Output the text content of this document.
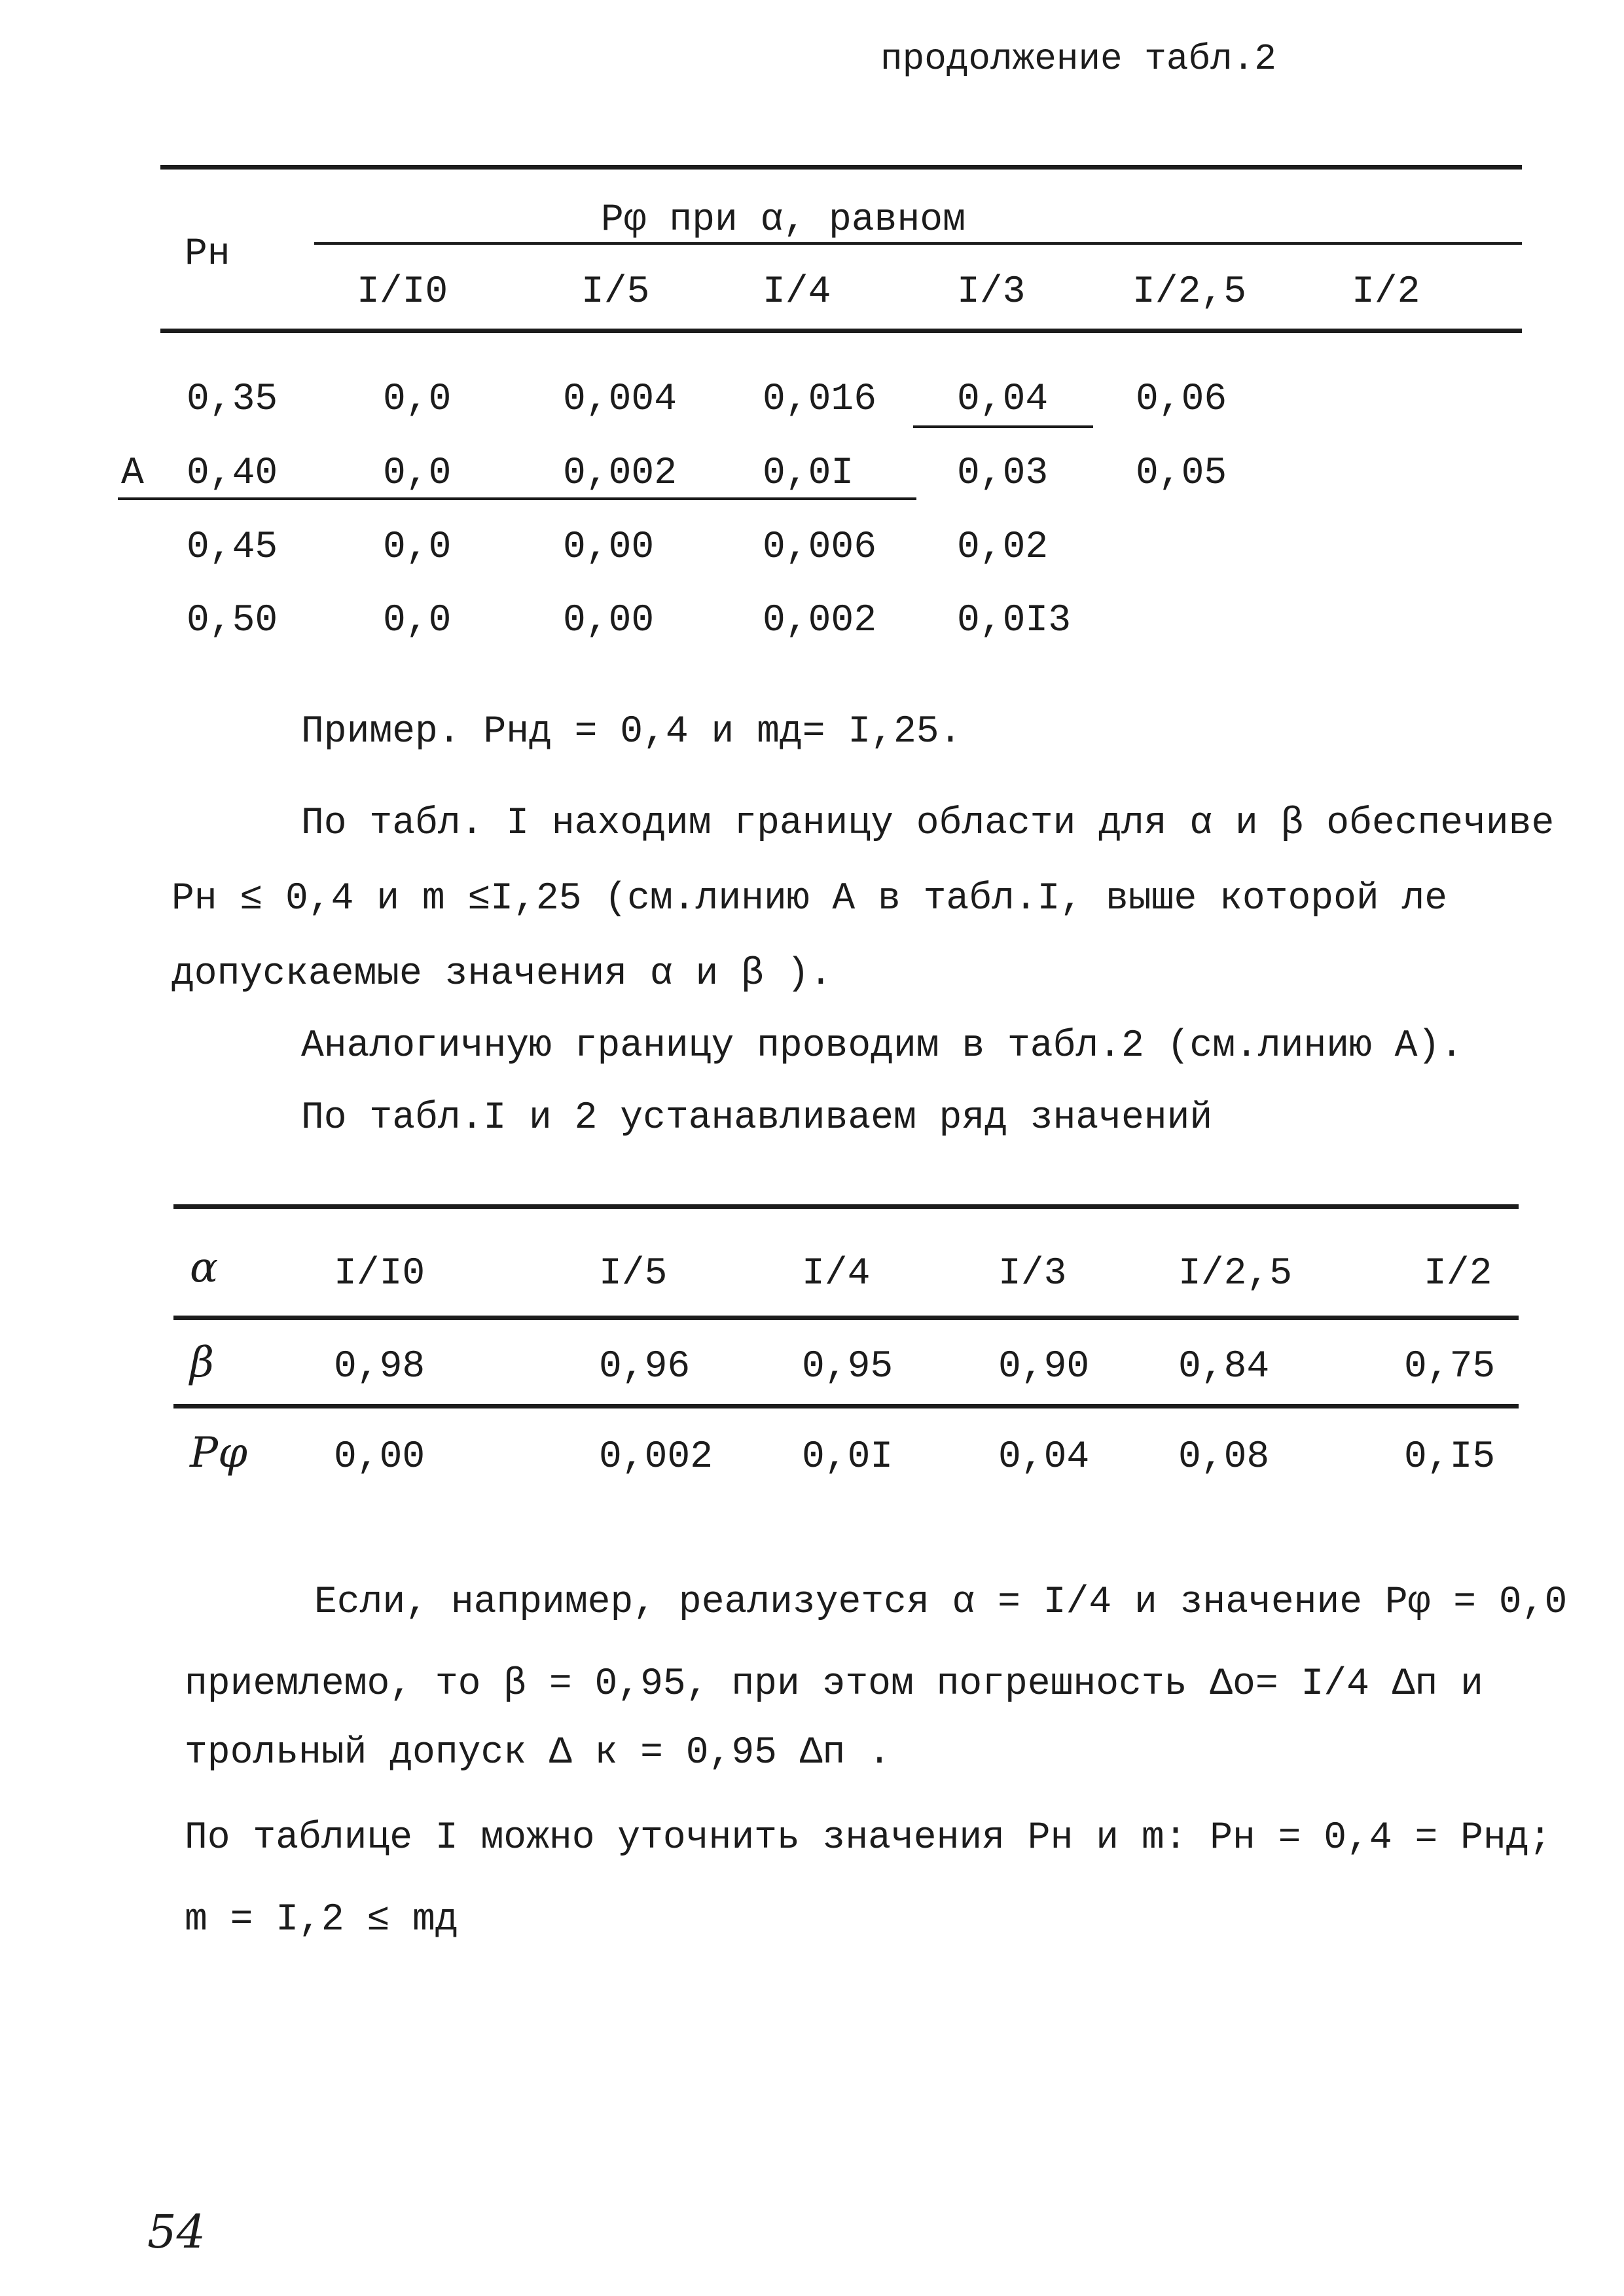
продолжение табл.2
Pн
Pφ при α, равном
I/I0	I/5	I/4	I/3	I/2,5	I/2
0,35	0,0	0,004 0,016 0,04 0,06
A 0,40	0,0	0,002 0,0I	0,03 0,05
0,45	0,0	0,00	0,006 0,02
0,50	0,0	0,00	0,002 0,0I3
Пример. Pнд = 0,4 и mд= I,25.
По табл. I находим границу области для α и β обеспечиве
Pн ≤ 0,4 и m ≤I,25 (см.линию А в табл.I, выше которой ле
допускаемые значения α и β ).
Аналогичную границу проводим в табл.2 (см.линию А).
По табл.I и 2 устанавливаем ряд значений
α	I/I0	I/5	I/4	I/3	I/2,5	I/2
β	0,98	0,96	0,95	0,90 0,84	0,75
Pφ 0,00	0,002 0,0I	0,04 0,08	0,I5
Если, например, реализуется α = I/4 и значение Pφ = 0,0
приемлемо, то β = 0,95, при этом погрешность Δо= I/4 Δп и
трольный допуск Δ к = 0,95 Δп .
По таблице I можно уточнить значения Pн и m: Pн = 0,4 = Pнд;
m = I,2 ≤ mд
54
